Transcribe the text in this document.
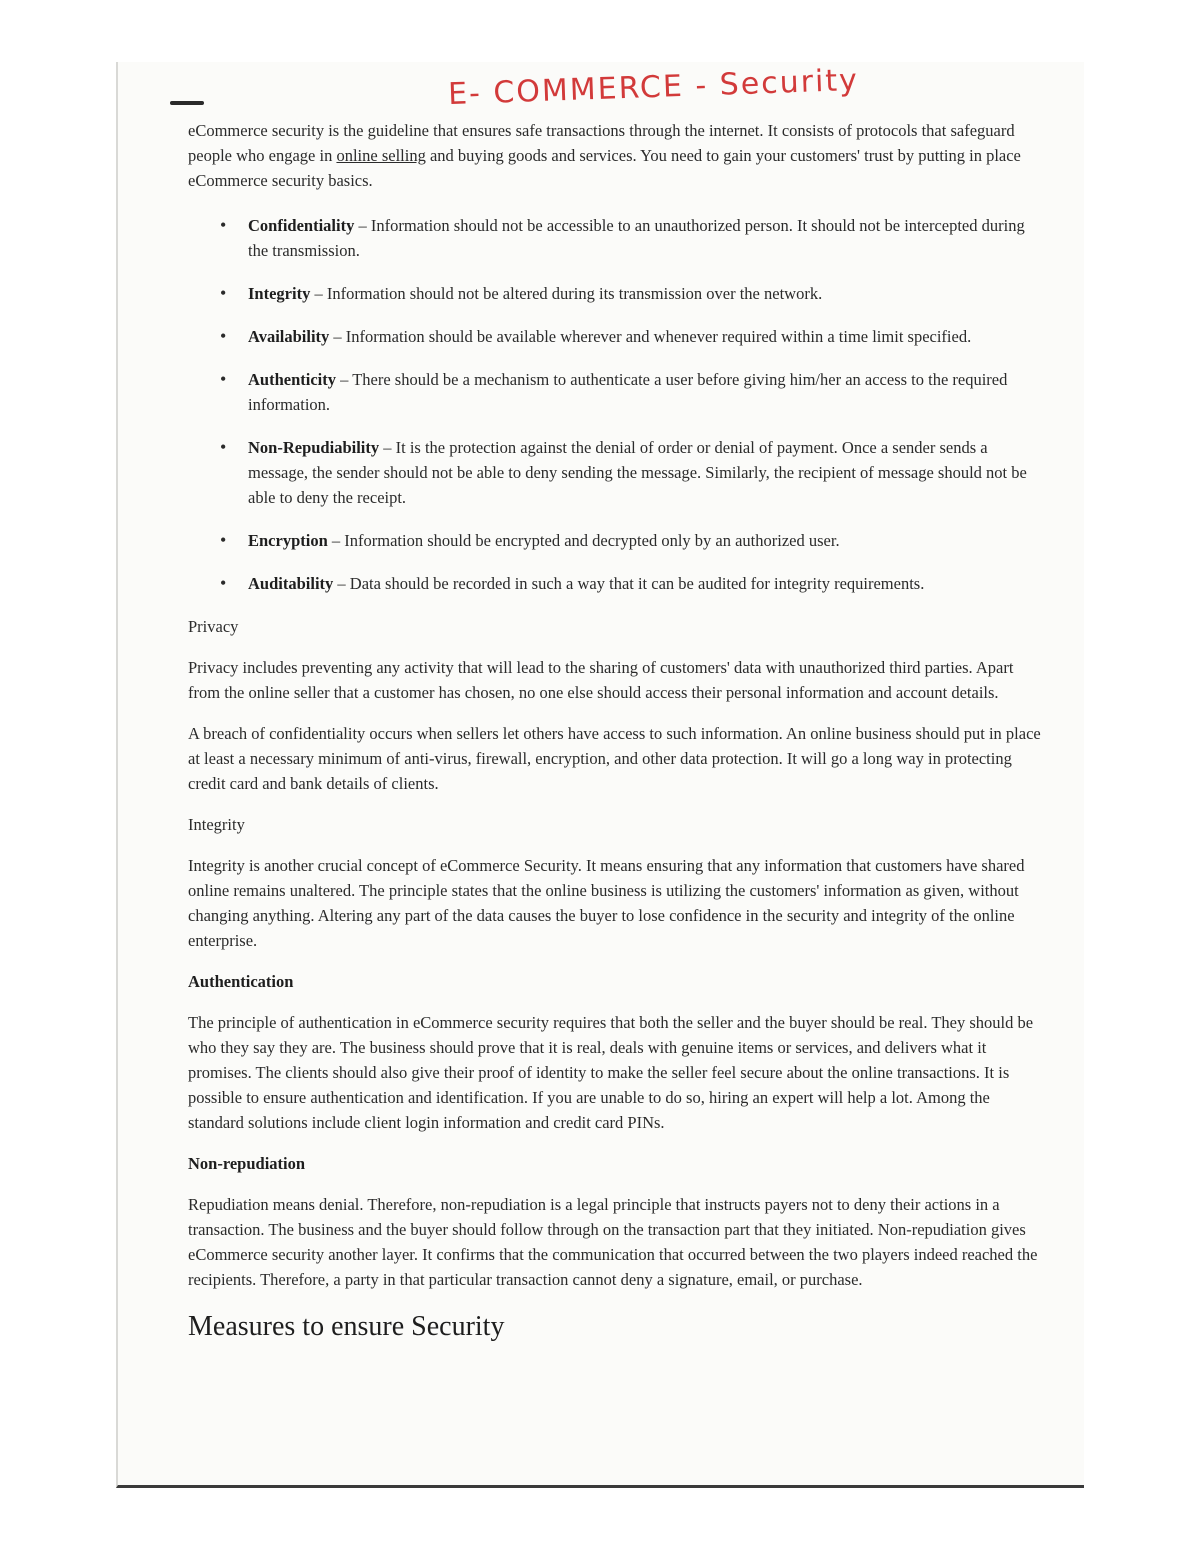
E- COMMERCE - Security

eCommerce security is the guideline that ensures safe transactions through the internet. It consists of protocols that safeguard people who engage in online selling and buying goods and services. You need to gain your customers' trust by putting in place eCommerce security basics.

• Confidentiality – Information should not be accessible to an unauthorized person. It should not be intercepted during the transmission.
• Integrity – Information should not be altered during its transmission over the network.
• Availability – Information should be available wherever and whenever required within a time limit specified.
• Authenticity – There should be a mechanism to authenticate a user before giving him/her an access to the required information.
• Non-Repudiability – It is the protection against the denial of order or denial of payment. Once a sender sends a message, the sender should not be able to deny sending the message. Similarly, the recipient of message should not be able to deny the receipt.
• Encryption – Information should be encrypted and decrypted only by an authorized user.
• Auditability – Data should be recorded in such a way that it can be audited for integrity requirements.

Privacy

Privacy includes preventing any activity that will lead to the sharing of customers' data with unauthorized third parties. Apart from the online seller that a customer has chosen, no one else should access their personal information and account details.

A breach of confidentiality occurs when sellers let others have access to such information. An online business should put in place at least a necessary minimum of anti-virus, firewall, encryption, and other data protection. It will go a long way in protecting credit card and bank details of clients.

Integrity

Integrity is another crucial concept of eCommerce Security. It means ensuring that any information that customers have shared online remains unaltered. The principle states that the online business is utilizing the customers' information as given, without changing anything. Altering any part of the data causes the buyer to lose confidence in the security and integrity of the online enterprise.

Authentication

The principle of authentication in eCommerce security requires that both the seller and the buyer should be real. They should be who they say they are. The business should prove that it is real, deals with genuine items or services, and delivers what it promises. The clients should also give their proof of identity to make the seller feel secure about the online transactions. It is possible to ensure authentication and identification. If you are unable to do so, hiring an expert will help a lot. Among the standard solutions include client login information and credit card PINs.

Non-repudiation

Repudiation means denial. Therefore, non-repudiation is a legal principle that instructs payers not to deny their actions in a transaction. The business and the buyer should follow through on the transaction part that they initiated. Non-repudiation gives eCommerce security another layer. It confirms that the communication that occurred between the two players indeed reached the recipients. Therefore, a party in that particular transaction cannot deny a signature, email, or purchase.

Measures to ensure Security
